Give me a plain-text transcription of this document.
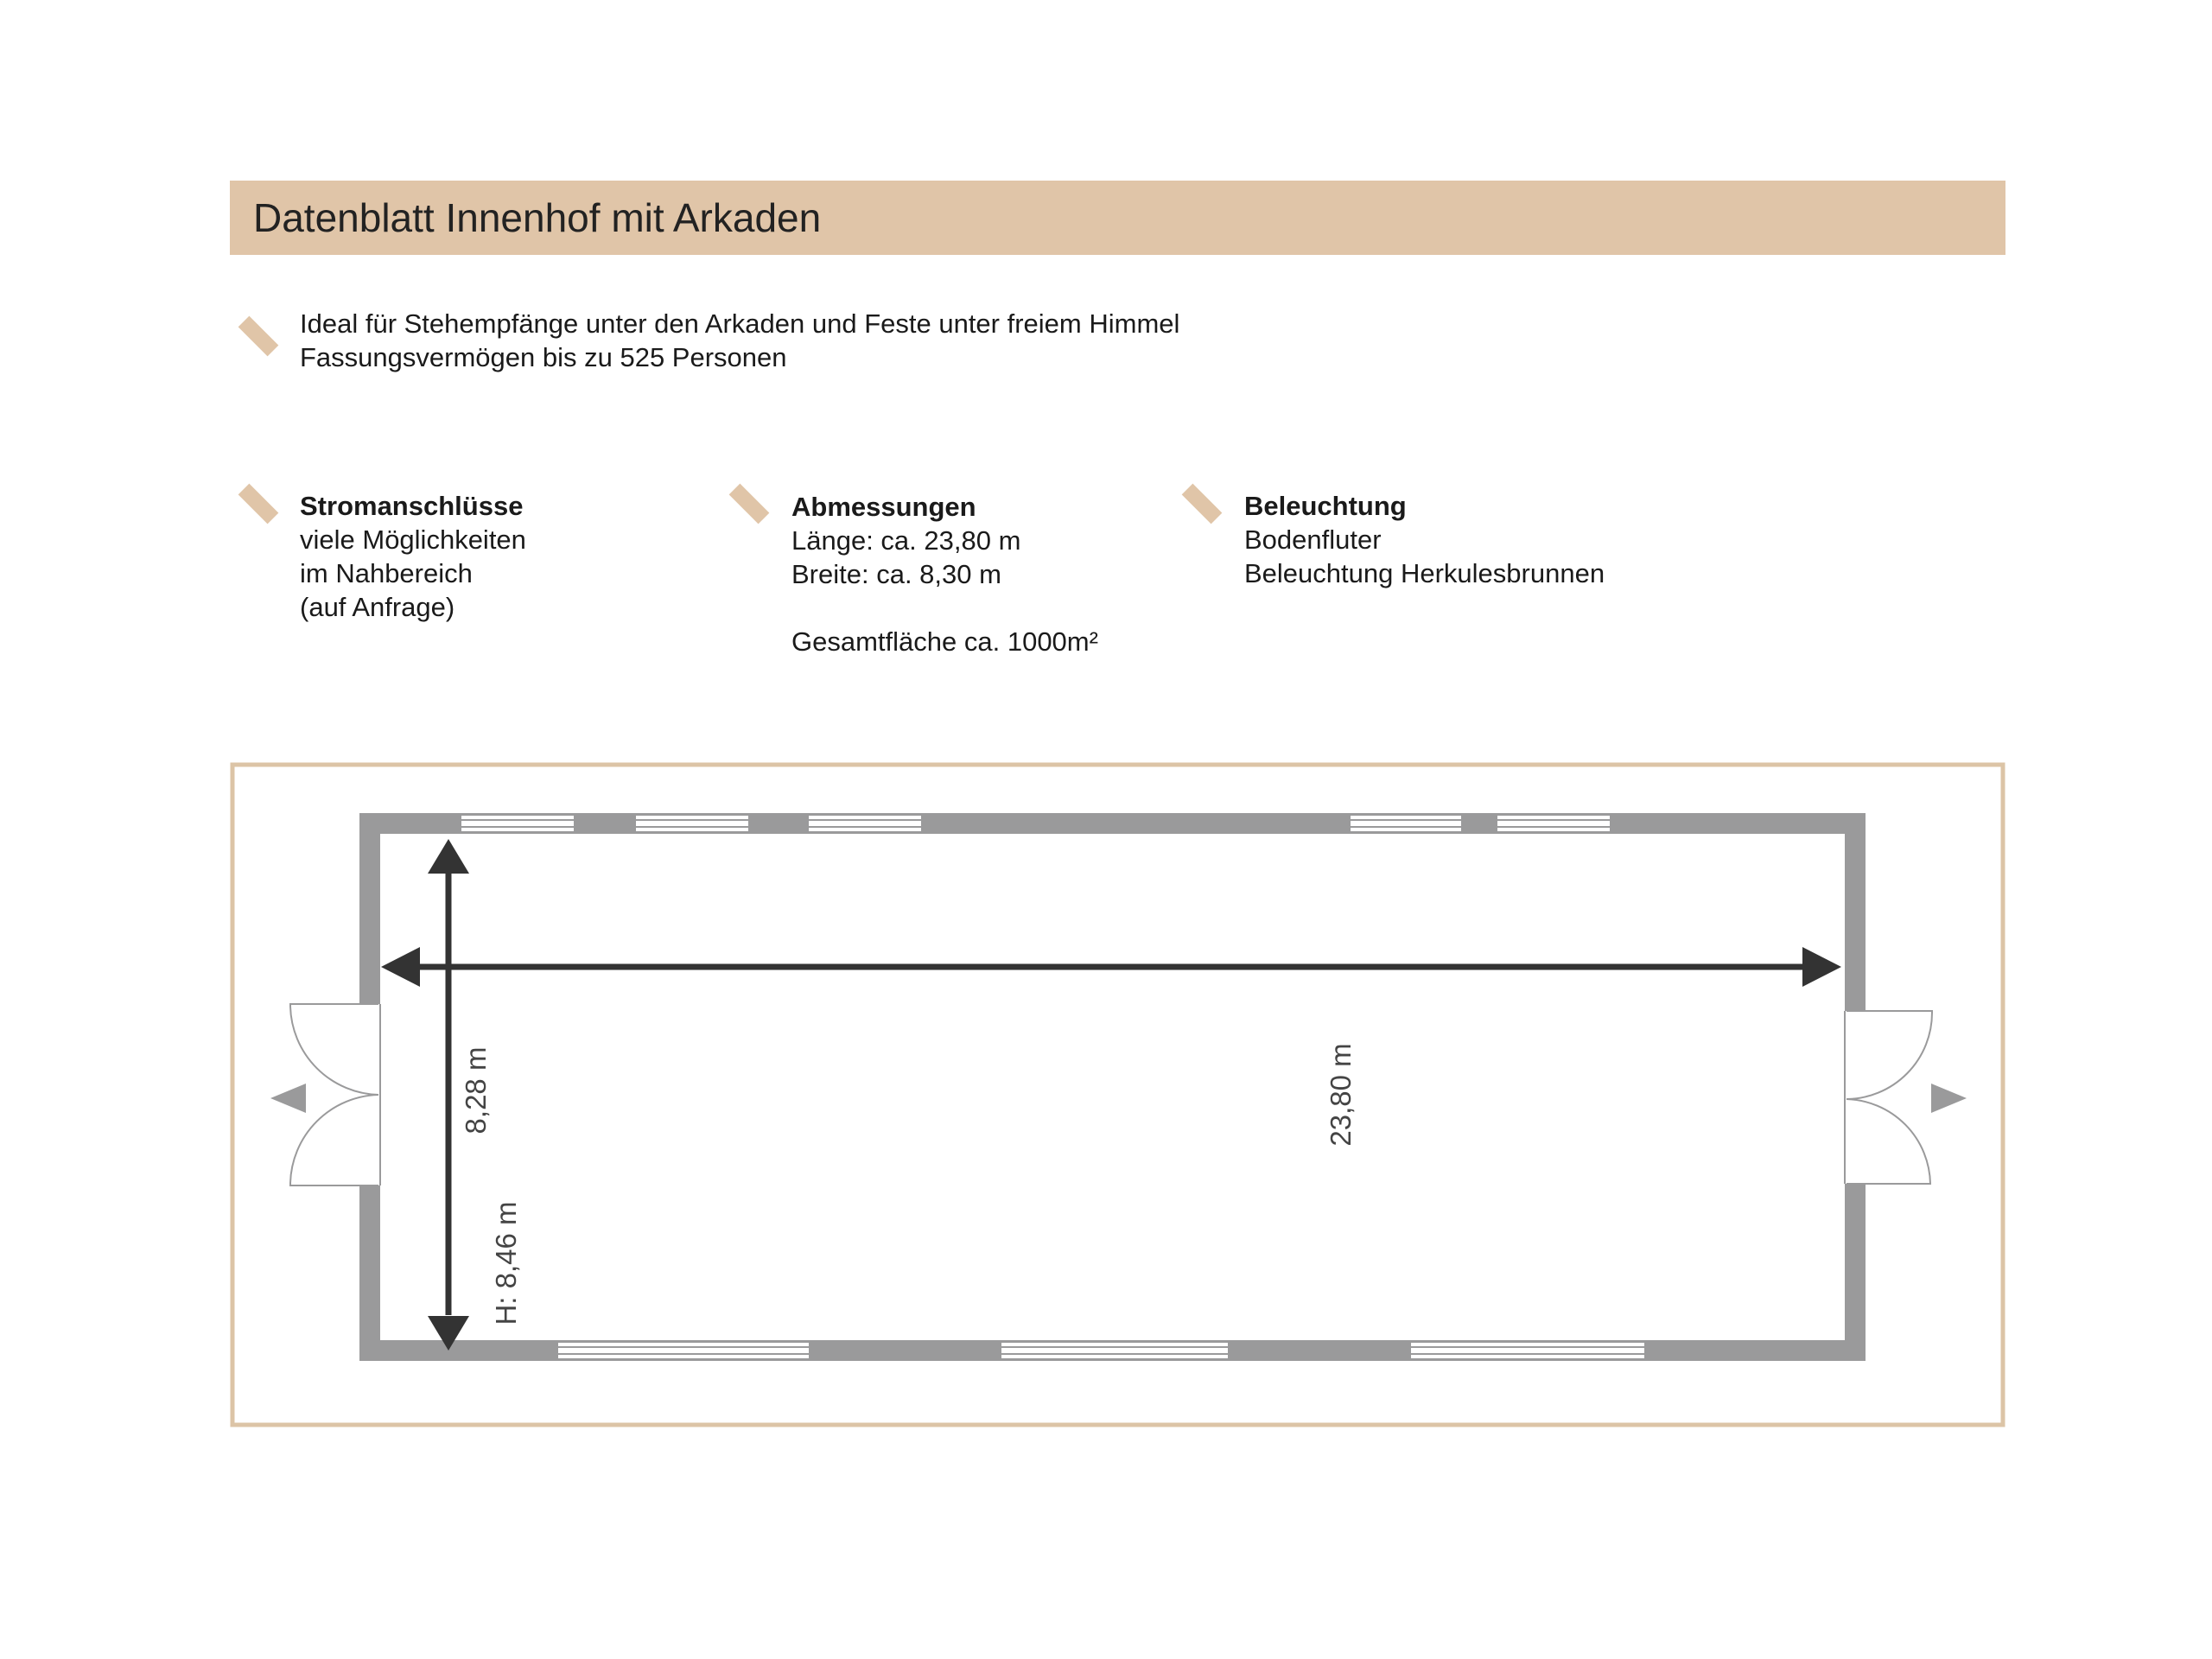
Datenblatt Innenhof mit Arkaden
Ideal für Stehempfänge unter den Arkaden und Feste unter freiem Himmel
Fassungsvermögen bis zu 525 Personen
Stromanschlüsse
viele Möglichkeiten
im Nahbereich
(auf Anfrage)
Abmessungen
Länge: ca. 23,80 m
Breite: ca. 8,30 m
Gesamtfläche ca. 1000m²
Beleuchtung
Bodenfluter
Beleuchtung Herkulesbrunnen
23,80 m
8,28 m
H: 8,46 m
